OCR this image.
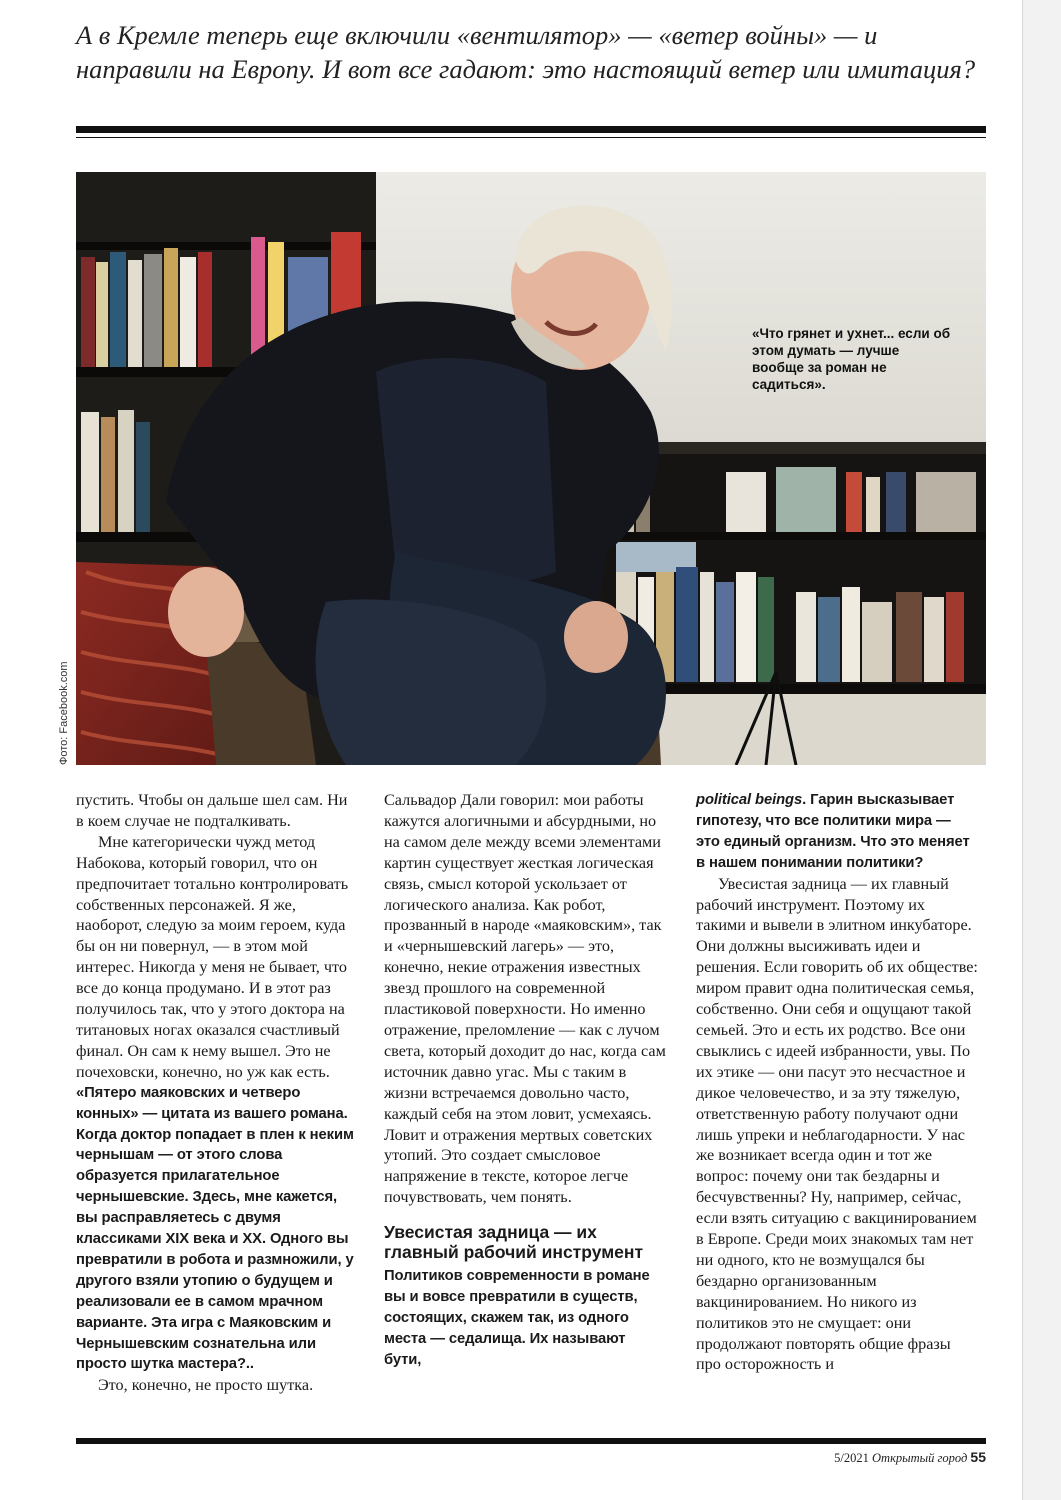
А в Кремле теперь еще включили «вентилятор» — «ветер войны» — и направили на Европу. И вот все гадают: это настоящий ветер или имитация?
«Что грянет и ухнет... если об этом думать — лучше вообще за роман не садиться».
Фото: Facebook.com

пустить. Чтобы он дальше шел сам. Ни в коем случае не подталкивать.

Мне категорически чужд метод Набокова, который говорил, что он предпочитает тотально контролировать собственных персонажей. Я же, наоборот, следую за моим героем, куда бы он ни повернул, — в этом мой интерес. Никогда у меня не бывает, что все до конца продумано. И в этот раз получилось так, что у этого доктора на титановых ногах оказался счастливый финал. Он сам к нему вышел. Это не почеховски, конечно, но уж как есть.

«Пятеро маяковских и четверо конных» — цитата из вашего романа. Когда доктор попадает в плен к неким чернышам — от этого слова образуется прилагательное чернышевские. Здесь, мне кажется, вы расправляетесь с двумя классиками XIX века и XX. Одного вы превратили в робота и размножили, у другого взяли утопию о будущем и реализовали ее в самом мрачном варианте. Эта игра с Маяковским и Чернышевским сознательна или просто шутка мастера?..

Это, конечно, не просто шутка.

Сальвадор Дали говорил: мои работы кажутся алогичными и абсурдными, но на самом деле между всеми элементами картин существует жесткая логическая связь, смысл которой ускользает от логического анализа. Как робот, прозванный в народе «маяковским», так и «чернышевский лагерь» — это, конечно, некие отражения известных звезд прошлого на современной пластиковой поверхности. Но именно отражение, преломление — как с лучом света, который доходит до нас, когда сам источник давно угас. Мы с таким в жизни встречаемся довольно часто, каждый себя на этом ловит, усмехаясь. Ловит и отражения мертвых советских утопий. Это создает смысловое напряжение в тексте, которое легче почувствовать, чем понять.

Увесистая задница — их главный рабочий инструмент

Политиков современности в романе вы и вовсе превратили в существ, состоящих, скажем так, из одного места — седалища. Их называют бути,

political beings. Гарин высказывает гипотезу, что все политики мира — это единый организм. Что это меняет в нашем понимании политики?

Увесистая задница — их главный рабочий инструмент. Поэтому их такими и вывели в элитном инкубаторе. Они должны высиживать идеи и решения. Если говорить об их обществе: миром правит одна политическая семья, собственно. Они себя и ощущают такой семьей. Это и есть их родство. Все они свыклись с идеей избранности, увы. По их этике — они пасут это несчастное и дикое человечество, и за эту тяжелую, ответственную работу получают одни лишь упреки и неблагодарности. У нас же возникает всегда один и тот же вопрос: почему они так бездарны и бесчувственны? Ну, например, сейчас, если взять ситуацию с вакцинированием в Европе. Среди моих знакомых там нет ни одного, кто не возмущался бы бездарно организованным вакцинированием. Но никого из политиков это не смущает: они продолжают повторять общие фразы про осторожность и

5/2021 Открытый город 55
